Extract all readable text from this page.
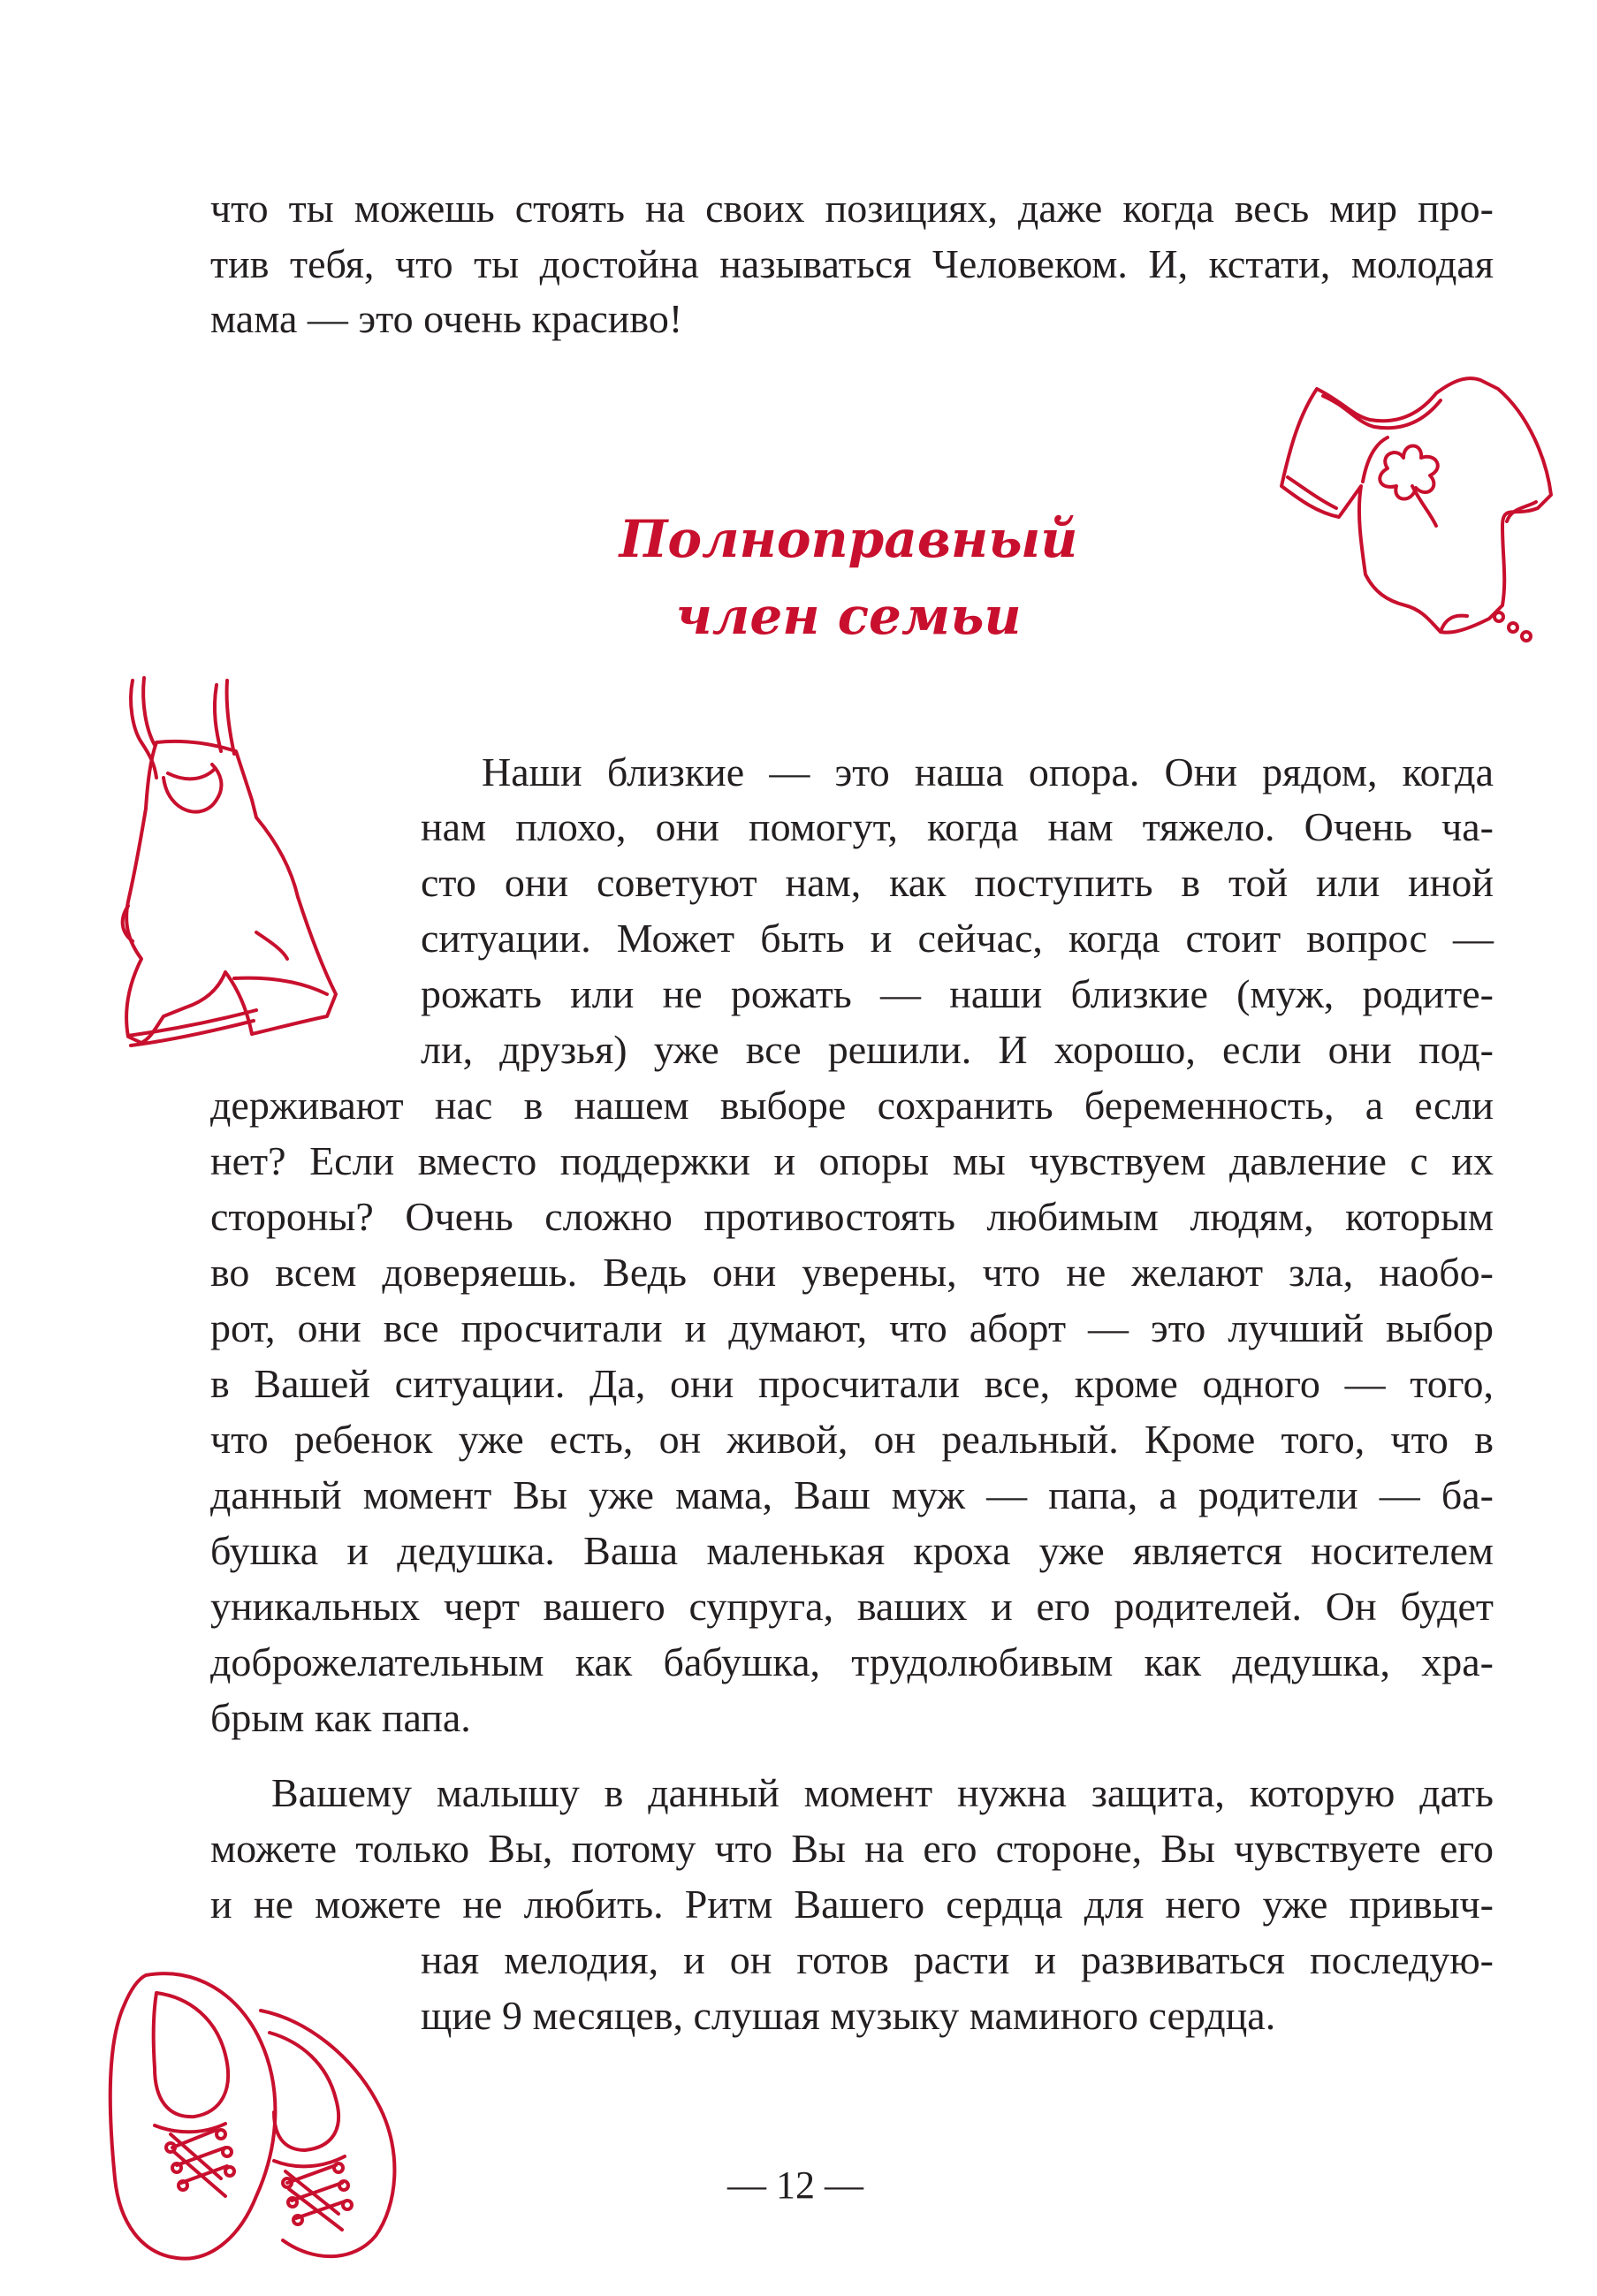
что ты можешь стоять на своих позициях, даже когда весь мир про-
тив тебя, что ты достойна называться Человеком. И, кстати, молодая
мама — это очень красиво!
Полноправный
член семьи
Наши близкие — это наша опора. Они рядом, когда
нам плохо, они помогут, когда нам тяжело. Очень ча-
сто они советуют нам, как поступить в той или иной
ситуации. Может быть и сейчас, когда стоит вопрос —
рожать или не рожать — наши близкие (муж, родите-
ли, друзья) уже все решили. И хорошо, если они под-
держивают нас в нашем выборе сохранить беременность, а если
нет? Если вместо поддержки и опоры мы чувствуем давление с их
стороны? Очень сложно противостоять любимым людям, которым
во всем доверяешь. Ведь они уверены, что не желают зла, наобо-
рот, они все просчитали и думают, что аборт — это лучший выбор
в Вашей ситуации. Да, они просчитали все, кроме одного — того,
что ребенок уже есть, он живой, он реальный. Кроме того, что в
данный момент Вы уже мама, Ваш муж — папа, а родители — ба-
бушка и дедушка. Ваша маленькая кроха уже является носителем
уникальных черт вашего супруга, ваших и его родителей. Он будет
доброжелательным как бабушка, трудолюбивым как дедушка, хра-
брым как папа.
Вашему малышу в данный момент нужна защита, которую дать
можете только Вы, потому что Вы на его стороне, Вы чувствуете его
и не можете не любить. Ритм Вашего сердца для него уже привыч-
ная мелодия, и он готов расти и развиваться последую-
щие 9 месяцев, слушая музыку маминого сердца.
— 12 —
